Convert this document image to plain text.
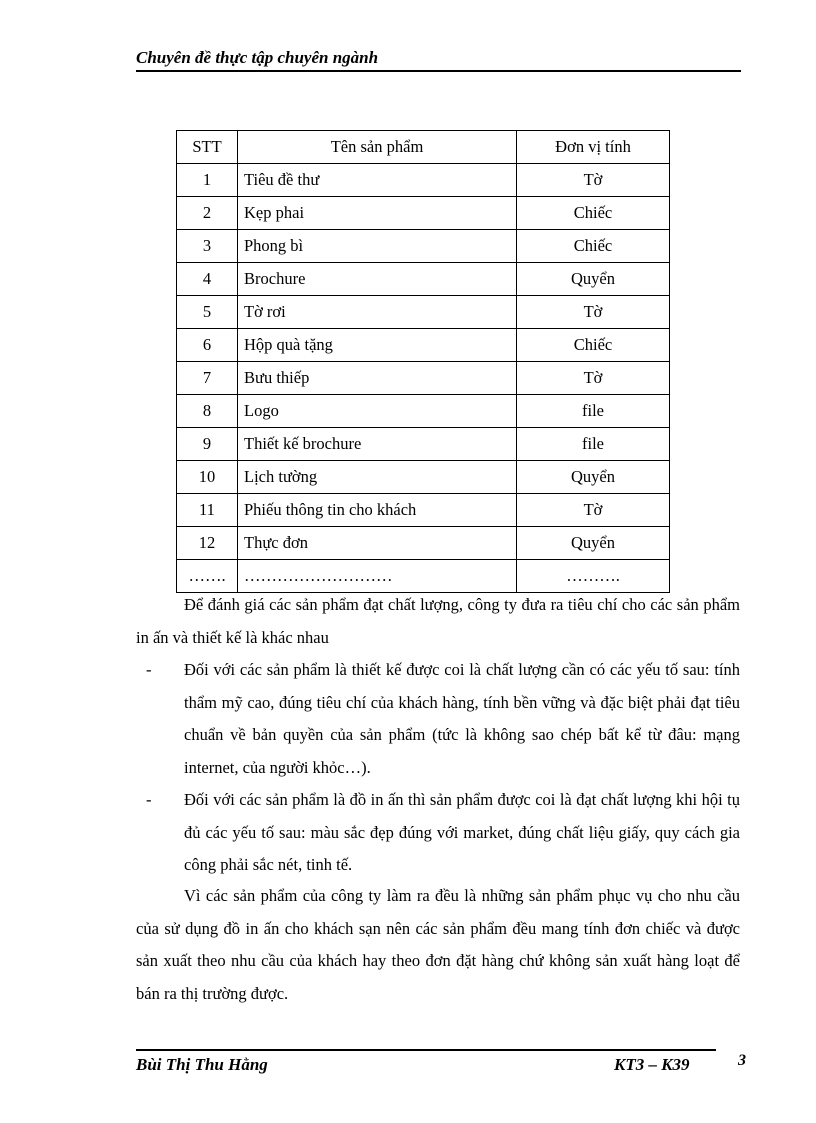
Chuyên đề thực tập chuyên ngành
STT	Tên sản phẩm	Đơn vị tính
1	Tiêu đề thư	Tờ
2	Kẹp phai	Chiếc
3	Phong bì	Chiếc
4	Brochure	Quyển
5	Tờ rơi	Tờ
6	Hộp quà tặng	Chiếc
7	Bưu thiếp	Tờ
8	Logo	file
9	Thiết kế brochure	file
10	Lịch tường	Quyển
11	Phiếu thông tin cho khách	Tờ
12	Thực đơn	Quyển
…….	………………………	……….
Để đánh giá các sản phẩm đạt chất lượng, công ty đưa ra tiêu chí cho các sản phẩm in ấn và thiết kế là khác nhau
- Đối với các sản phẩm là thiết kế được coi là chất lượng cần có các yếu tố sau: tính thẩm mỹ cao, đúng tiêu chí của khách hàng, tính bền vững và đặc biệt phải đạt tiêu chuẩn về bản quyền của sản phẩm (tức là không sao chép bất kể từ đâu: mạng internet, của người khỏc…).
- Đối với các sản phẩm là đồ in ấn thì sản phẩm được coi là đạt chất lượng khi hội tụ đủ các yếu tố sau: màu sắc đẹp đúng với market, đúng chất liệu giấy, quy cách gia công phải sắc nét, tinh tế.
Vì các sản phẩm của công ty làm ra đều là những sản phẩm phục vụ cho nhu cầu của sử dụng đồ in ấn cho khách sạn nên các sản phẩm đều mang tính đơn chiếc và được sản xuất theo nhu cầu của khách hay theo đơn đặt hàng chứ không sản xuất hàng loạt để bán ra thị trường được.
Bùi Thị Thu Hằng	KT3 – K39	3
